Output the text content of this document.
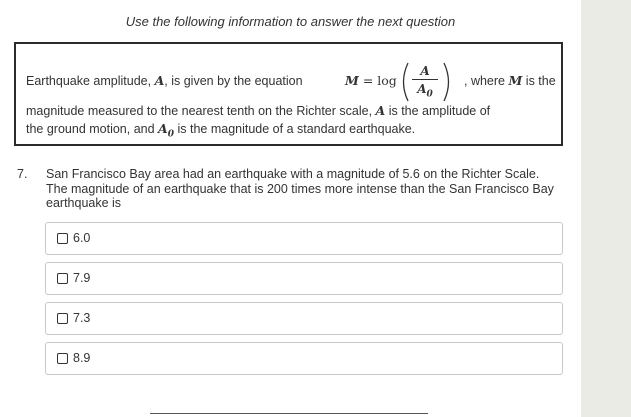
Use the following information to answer the next question
Earthquake amplitude, A, is given by the equation	M = log
A
$A_0$
, where M is the
magnitude measured to the nearest tenth on the Richter scale, A is the amplitude of
the ground motion, and $A_0$ is the magnitude of a standard earthquake.
7. San Francisco Bay area had an earthquake with a magnitude of 5.6 on the Richter Scale. The magnitude of an earthquake that is 200 times more intense than the San Francisco Bay earthquake is
6.0
7.9
7.3
8.9
